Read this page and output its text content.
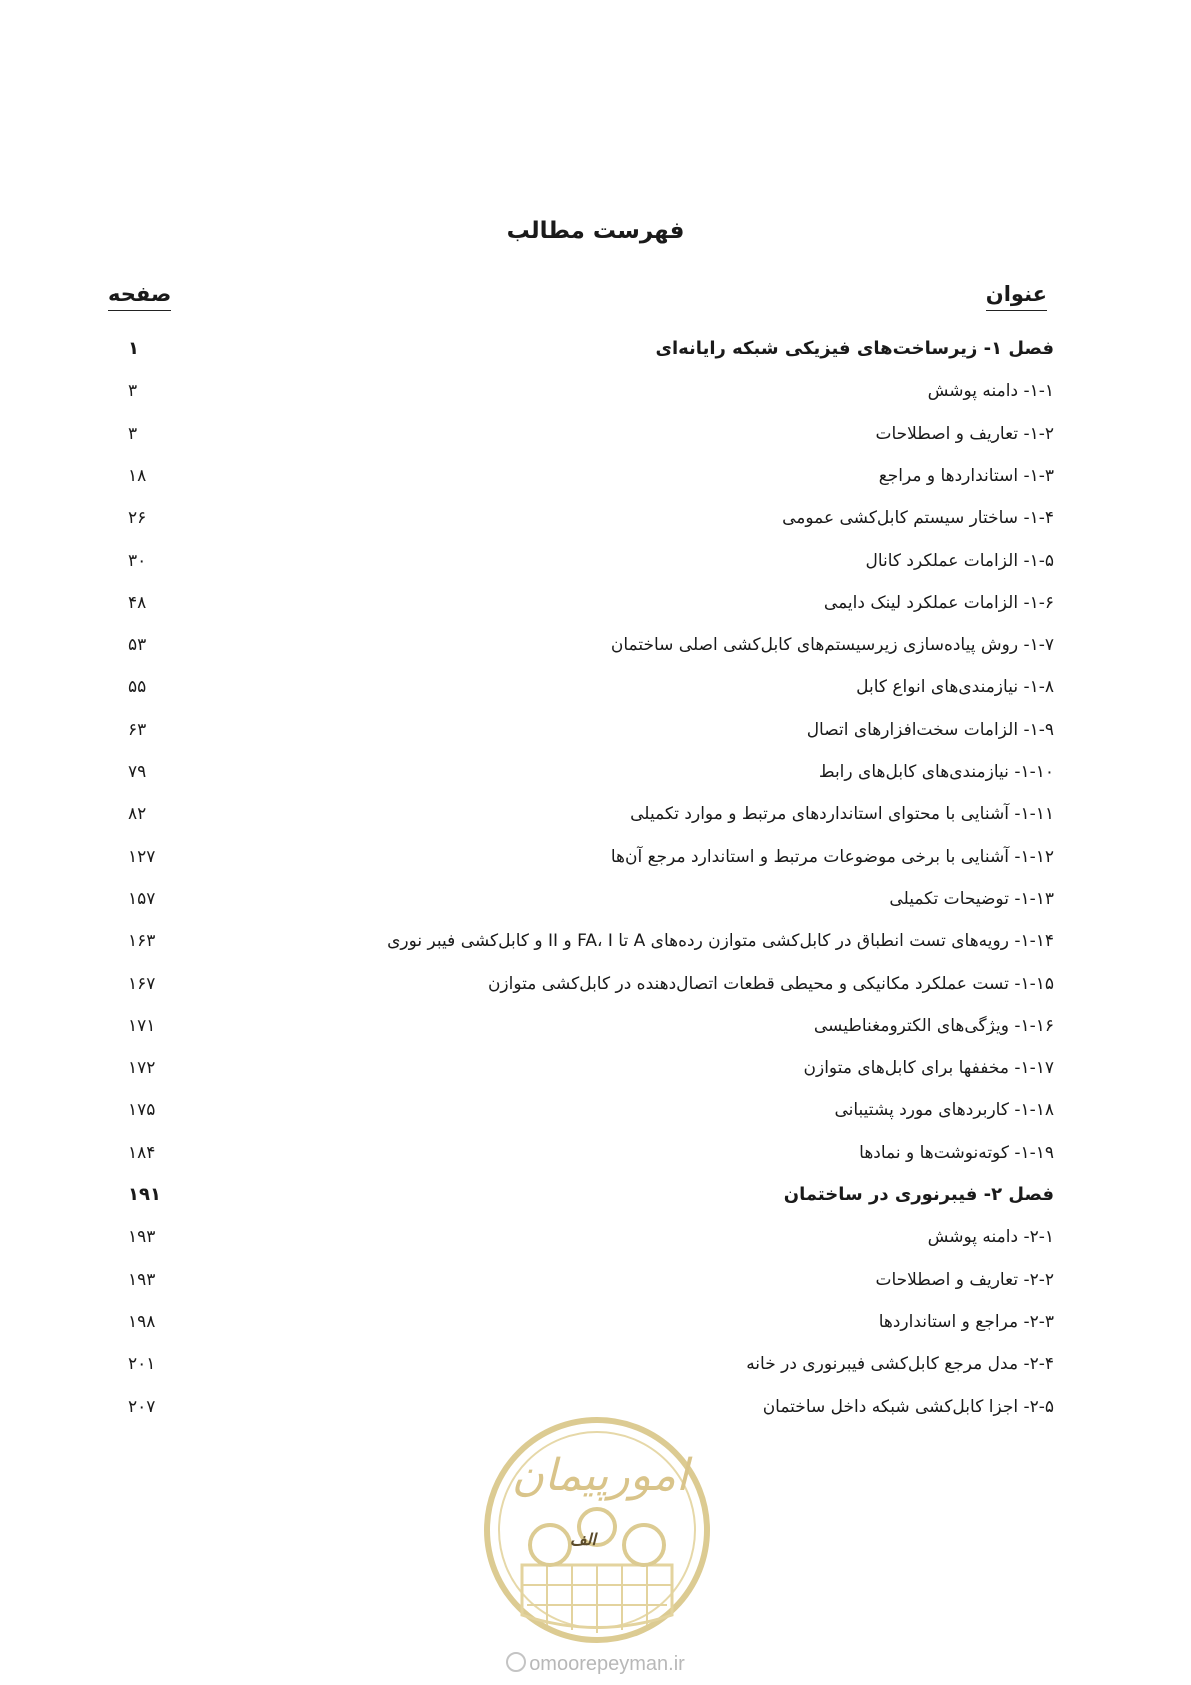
فهرست مطالب
عنوان
صفحه
فصل ۱- زیرساخت‌های فیزیکی شبکه رایانه‌ای
۱
۱-۱- دامنه پوشش
۳
۱-۲- تعاریف و اصطلاحات
۳
۱-۳- استانداردها و مراجع
۱۸
۱-۴- ساختار سیستم کابل‌کشی عمومی
۲۶
۱-۵- الزامات عملکرد کانال
۳۰
۱-۶- الزامات عملکرد لینک دایمی
۴۸
۱-۷- روش پیاده‌سازی زیرسیستم‌های کابل‌کشی اصلی ساختمان
۵۳
۱-۸- نیازمندی‌های انواع کابل
۵۵
۱-۹- الزامات سخت‌افزارهای اتصال
۶۳
۱-۱۰- نیازمندی‌های کابل‌های رابط
۷۹
۱-۱۱- آشنایی با محتوای استانداردهای مرتبط و موارد تکمیلی
۸۲
۱-۱۲- آشنایی با برخی موضوعات مرتبط و استاندارد مرجع آن‌ها
۱۲۷
۱-۱۳- توضیحات تکمیلی
۱۵۷
۱-۱۴- رویه‌های تست انطباق در کابل‌کشی متوازن رده‌های A تا FA، I و II و کابل‌کشی فیبر نوری
۱۶۳
۱-۱۵- تست عملکرد مکانیکی و محیطی قطعات اتصال‌دهنده در کابل‌کشی متوازن
۱۶۷
۱-۱۶- ویژگی‌های الکترومغناطیسی
۱۷۱
۱-۱۷- مخففها برای کابل‌های متوازن
۱۷۲
۱-۱۸- کاربردهای مورد پشتیبانی
۱۷۵
۱-۱۹- کوته‌نوشت‌ها و نمادها
۱۸۴
فصل ۲- فیبرنوری در ساختمان
۱۹۱
۲-۱- دامنه پوشش
۱۹۳
۲-۲- تعاریف و اصطلاحات
۱۹۳
۲-۳- مراجع و استانداردها
۱۹۸
۲-۴- مدل مرجع کابل‌کشی فیبرنوری در خانه
۲۰۱
۲-۵- اجزا کابل‌کشی شبکه داخل ساختمان
۲۰۷
امورپیمان
الف
omoorepeyman.ir
